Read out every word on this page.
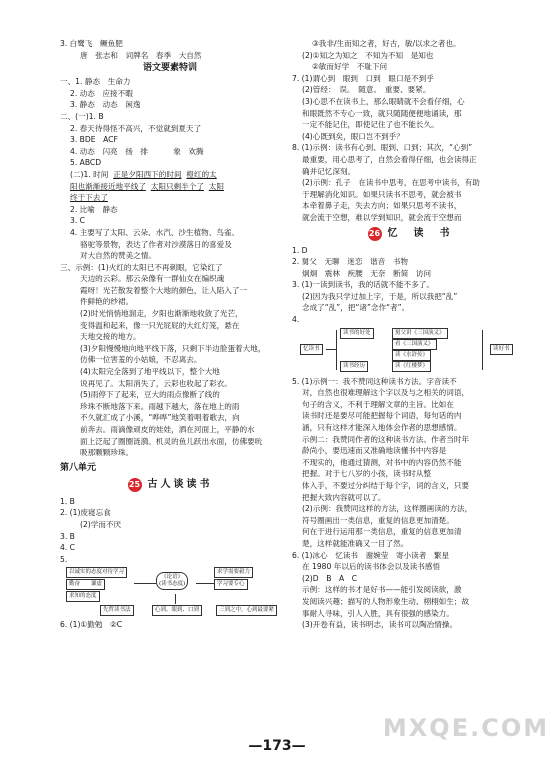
3. 白鹭飞　鳜鱼肥
唐　张志和　词牌名　春季　大自然
语文要素特训
一、1. 静态　生命力
2. 动态　应接不暇
3. 静态　动态　闲逸
二、(一)1. B
2. 春天待得怪不高兴，不觉就到夏天了
3. BDE　ACF
4. 动态　闪亮　扬　排 　　　象　欢腾
5. ABCD
(二)1. 时间 正是夕阳西下的时间 橙红的太
阳也渐渐接近地平线了 太阳只剩半个了 太阳
终于下去了
2. 比喻　静态
3. C
4. 主要写了太阳、云朵、水汽、沙生植物、鸟雀、
骆驼等景物，表达了作者对沙漠落日的喜爱及
对大自然的赞美之情。
三、示例：(1)火红的太阳已不再刺眼，它染红了
天边的云彩。那云朵像有一群仙女在编织魂
霞呀！光芒散发着整个大地的颜色，让人陷入了一
件鲜艳的纱裙。
(2)时光悄悄地溜走，夕阳也渐渐地收敛了光芒，
变得温和起来，像一只光屁屁的大红灯笼，悬在
天地交接的地方。
(3)夕阳慢慢地向地平线下落，只剩下半边脸蛋着大地，
仿佛一位害羞的小姑娘，不忍离去。
(4)太阳完全落到了地平线以下，整个大地
说再见了。太阳消失了，云彩也收起了彩衣。
(5)雨停下了起来，豆大的雨点像断了线的
珍珠不断地落下来。雨越下越大，落在地上的雨
不久就汇成了小溪，“哗哗”地笑着唱着歌去，向
前奔去。雨滴像顽皮的娃娃，洒在河面上，平静的水
面上泛起了圈圈涟漪。机灵的鱼儿跃出水面，仿佛要吮
吸那颗颗珍珠。
第八单元
25 古人谈读书
1. B
2. (1)废寝忘食
(2)学而不厌
3. B
4. C
5.
以诚实的态度对待学习
勤奋　　谦虚
求知的态度
《论语》
(读书态度)
求学需要毅力
学习要专心
先哲读书法	心到、眼到、口到	三到之中，心到最要紧
6. (1)①勤勉　②C
③我非/生而知之者，好古，敏/以求之者也。
(2)①知之为知之　不知为不知　是知也
②敏而好学　不耻下问
7. (1)谓心到　眼到　口到　眼口是不到乎
(2)管经：　误。　随意。　重要、要紧。
(3)心思不在读书上，那么眼睛就不会看仔细，心
和眼既然不专心一致，就只随随便便地诵读，那
一定不能记住，即使记住了也不能长久。
(4)心既到矣，眼口岂不到乎？
8. (1)示例：读书有心到、眼到、口到；其次，“心到”
最重要，用心思考了，自然会看得仔细，也会读得正
确并记忆深刻。
(2)示例：孔子　在读书中思考，在思考中读书，有助
于理解消化知识。如果只读书不思考，就会被书
本牵着鼻子走，失去方向；如果只思考不读书，
就会流于空想，难以学到知识，就会流于空想而
26 忆　读　书
1. D
2. 舅父　无聊　迷恋　谐音　书物
炯炯　震林　疾腰　无奈　断简　访问
3. (1)一读到读书，我的话就不能不多了。
(2)因为我只学过加上字，于是，所以我把“乱”
念成了“乱”，把“诸”念作“者”。
4.
忆读书
读书的好处	舅父讲《三国演义》
看《三国演义》
读《水浒传》
读《红楼梦》
读书经历
读好书
5. (1)示例一：我不赞同这种读书方法。字音读不
对，自然也很难理解这个字以及与之相关的词语，
句子的含义，不利于理解文章的主旨。比如在
读书时还是要尽可能把握每个词语，每句话的内
涵，只有这样才能深入地体会作者的思想感情。
示例二：我赞同作者的这种读书方法。作者当时年
龄尚小，要迅速而又准确地读懂书中内容是
不现实的，他通过猜测，对书中的内容仍然不能
把握。对于七八岁的小孩，读书时从整
体入手，不要过分纠结于每个字，词的含义，只要
把握大致内容就可以了。
(2)示例：我赞同这样的方法，这样圈画读的方法，
符号圈画出一类信息，重复的信息更加清楚。
何在于进行运用那一类信息，重复的信息更加清
楚，这样就能准确又一目了然。
6. (1)冰心　忆读书　谢婉莹　寄小读者　繁星
在 1980 年以后的读书体会以及读书感悟
(2)D　B　A　C
示例：这样的书才是好书——能引发阅读欲，激
发阅读兴趣；描写的人物形象生动、栩栩如生；故
事耐人寻味，引人入胜，具有很强的感染力。
(3)开卷有益，读书明志，读书可以陶冶情操。
MXQE.COM
—173—
